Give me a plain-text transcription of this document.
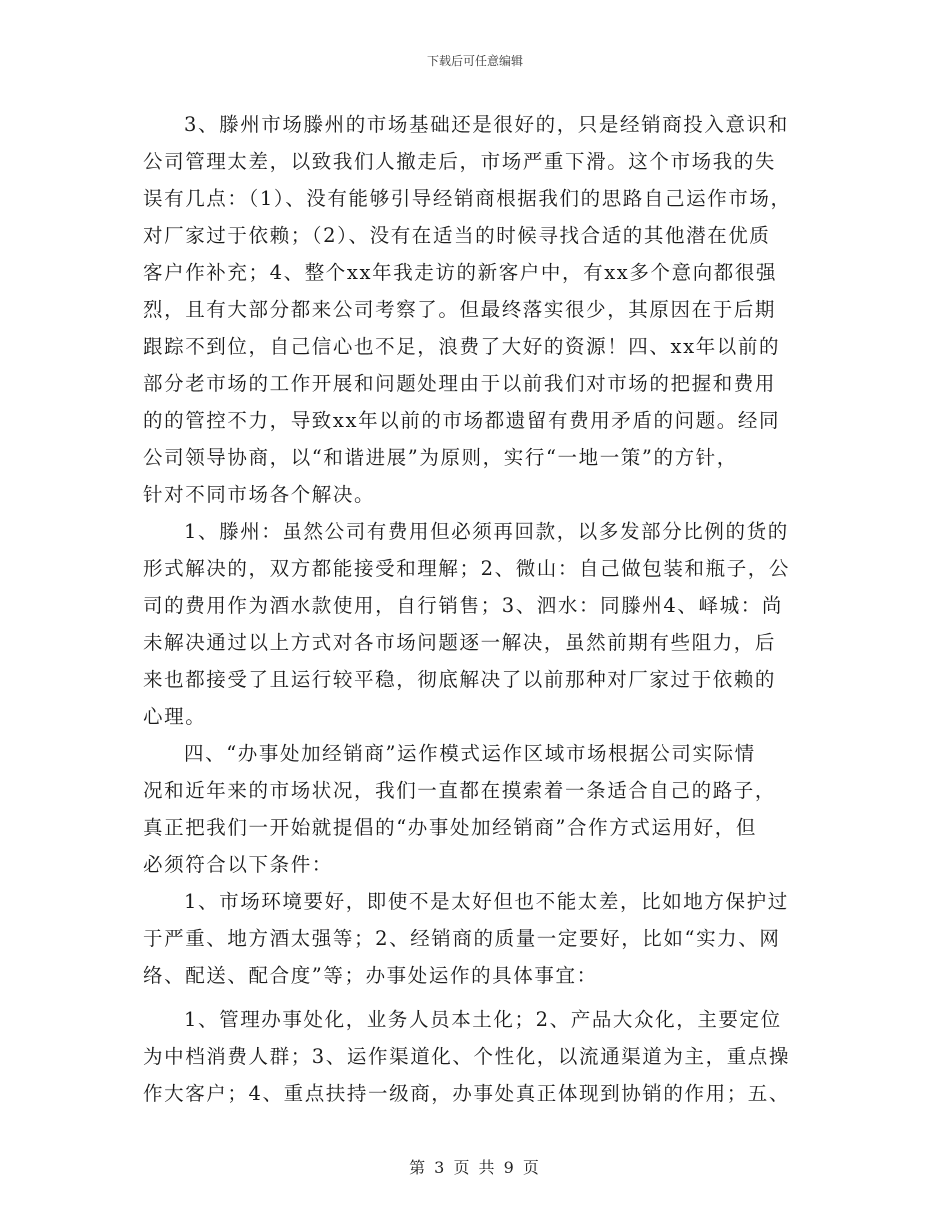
下载后可任意编辑
3、滕州市场滕州的市场基础还是很好的，只是经销商投入意识和
公司管理太差，以致我们人撤走后，市场严重下滑。这个市场我的失
误有几点：（1）、没有能够引导经销商根据我们的思路自己运作市场，
对厂家过于依赖；（2）、没有在适当的时候寻找合适的其他潜在优质
客户作补充；4、整个xx年我走访的新客户中，有xx多个意向都很强
烈，且有大部分都来公司考察了。但最终落实很少，其原因在于后期
跟踪不到位，自己信心也不足，浪费了大好的资源！四、xx年以前的
部分老市场的工作开展和问题处理由于以前我们对市场的把握和费用
的的管控不力，导致xx年以前的市场都遗留有费用矛盾的问题。经同
公司领导协商，以“和谐进展”为原则，实行“一地一策”的方针，
针对不同市场各个解决。
1、滕州：虽然公司有费用但必须再回款，以多发部分比例的货的
形式解决的，双方都能接受和理解；2、微山：自己做包装和瓶子，公
司的费用作为酒水款使用，自行销售；3、泗水：同滕州4、峄城：尚
未解决通过以上方式对各市场问题逐一解决，虽然前期有些阻力，后
来也都接受了且运行较平稳，彻底解决了以前那种对厂家过于依赖的
心理。
四、“办事处加经销商”运作模式运作区域市场根据公司实际情
况和近年来的市场状况，我们一直都在摸索着一条适合自己的路子，
真正把我们一开始就提倡的“办事处加经销商”合作方式运用好，但
必须符合以下条件：
1、市场环境要好，即使不是太好但也不能太差，比如地方保护过
于严重、地方酒太强等；2、经销商的质量一定要好，比如“实力、网
络、配送、配合度”等；办事处运作的具体事宜：
1、管理办事处化，业务人员本土化；2、产品大众化，主要定位
为中档消费人群；3、运作渠道化、个性化，以流通渠道为主，重点操
作大客户；4、重点扶持一级商，办事处真正体现到协销的作用；五、
第 3 页 共 9 页
